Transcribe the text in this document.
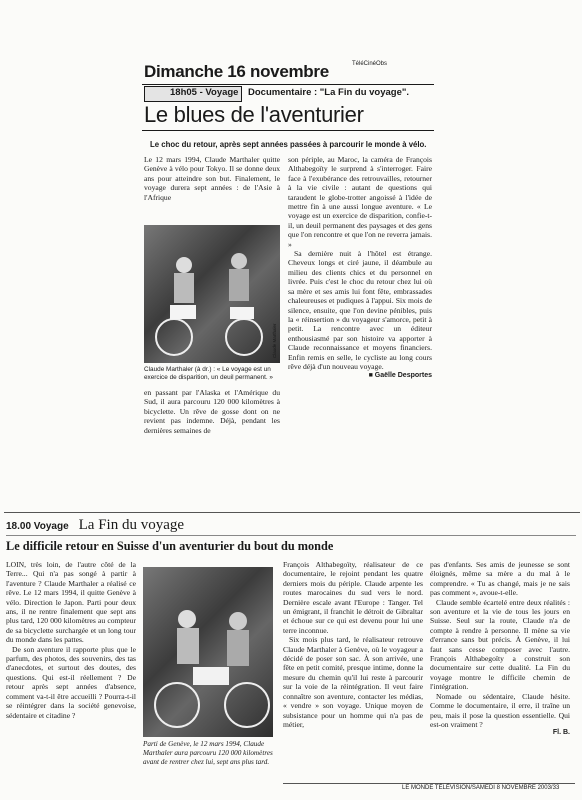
TéléCinéObs
Dimanche 16 novembre
18h05 - Voyage Documentaire : "La Fin du voyage".
Le blues de l'aventurier
Le choc du retour, après sept années passées à parcourir le monde à vélo.

Le 12 mars 1994, Claude Marthaler quitte Genève à vélo pour Tokyo. Il se donne deux ans pour atteindre son but. Finalement, le voyage durera sept années : de l'Asie à l'Afrique

Claude Marthaler
Claude Marthaler (à dr.) : « Le voyage est un exercice de disparition, un deuil permanent. »

en passant par l'Alaska et l'Amérique du Sud, il aura parcouru 120 000 kilomètres à bicyclette. Un rêve de gosse dont on ne revient pas indemne. Déjà, pendant les dernières semaines de

son périple, au Maroc, la caméra de François Althabegoïty le surprend à s'interroger. Faire face à l'exubérance des retrouvailles, retourner à la vie civile : autant de questions qui taraudent le globe-trotter angoissé à l'idée de mettre fin à une aussi longue aventure. « Le voyage est un exercice de disparition, confie-t-il, un deuil permanent des paysages et des gens que l'on rencontre et que l'on ne reverra jamais. »

Sa dernière nuit à l'hôtel est étrange. Cheveux longs et ciré jaune, il déambule au milieu des clients chics et du personnel en livrée. Puis c'est le choc du retour chez lui où sa mère et ses amis lui font fête, embrassades chaleureuses et pudiques à l'appui. Six mois de silence, ensuite, que l'on devine pénibles, puis la « réinsertion » du voyageur s'amorce, petit à petit. La rencontre avec un éditeur enthousiasmé par son histoire va apporter à Claude reconnaissance et moyens financiers. Enfin remis en selle, le cycliste au long cours rêve déjà d'un nouveau voyage.

■ Gaëlle Desportes
18.00 Voyage La Fin du voyage
Le difficile retour en Suisse d'un aventurier du bout du monde

LOIN, très loin, de l'autre côté de la Terre... Qui n'a pas songé à partir à l'aventure ? Claude Marthaler a réalisé ce rêve. Le 12 mars 1994, il quitte Genève à vélo. Direction le Japon. Parti pour deux ans, il ne rentre finalement que sept ans plus tard, 120 000 kilomètres au compteur de sa bicyclette surchargée et un long tour du monde dans les pattes.

De son aventure il rapporte plus que le parfum, des photos, des souvenirs, des tas d'anecdotes, et surtout des doutes, des questions. Qui est-il réellement ? De retour après sept années d'absence, comment va-t-il être accueilli ? Pourra-t-il se réintégrer dans la société genevoise, sédentaire et citadine ?

Parti de Genève, le 12 mars 1994, Claude Marthaler aura parcouru 120 000 kilomètres avant de rentrer chez lui, sept ans plus tard.

François Althabegoïty, réalisateur de ce documentaire, le rejoint pendant les quatre derniers mois du périple. Claude arpente les routes marocaines du sud vers le nord. Dernière escale avant l'Europe : Tanger. Tel un émigrant, il franchit le détroit de Gibraltar et échoue sur ce qui est devenu pour lui une terre inconnue.

Six mois plus tard, le réalisateur retrouve Claude Marthaler à Genève, où le voyageur a décidé de poser son sac. À son arrivée, une fête en petit comité, presque intime, donne la mesure du chemin qu'il lui reste à parcourir sur la voie de la réintégration. Il veut faire connaître son aventure, contacter les médias, « vendre » son voyage. Unique moyen de subsistance pour un homme qui n'a pas de métier,

pas d'enfants. Ses amis de jeunesse se sont éloignés, même sa mère a du mal à le comprendre. « Tu as changé, mais je ne sais pas comment », avoue-t-elle.

Claude semble écartelé entre deux réalités : son aventure et la vie de tous les jours en Suisse. Seul sur la route, Claude n'a de compte à rendre à personne. Il mène sa vie d'errance sans but précis. À Genève, il lui faut sans cesse composer avec l'autre. François Althabegoïty a construit son documentaire sur cette dualité. La Fin du voyage montre le difficile chemin de l'intégration.

Nomade ou sédentaire, Claude hésite. Comme le documentaire, il erre, il traîne un peu, mais il pose la question essentielle. Qui est-on vraiment ?

Fl. B.
LE MONDE TÉLÉVISION/SAMEDI 8 NOVEMBRE 2003/33
